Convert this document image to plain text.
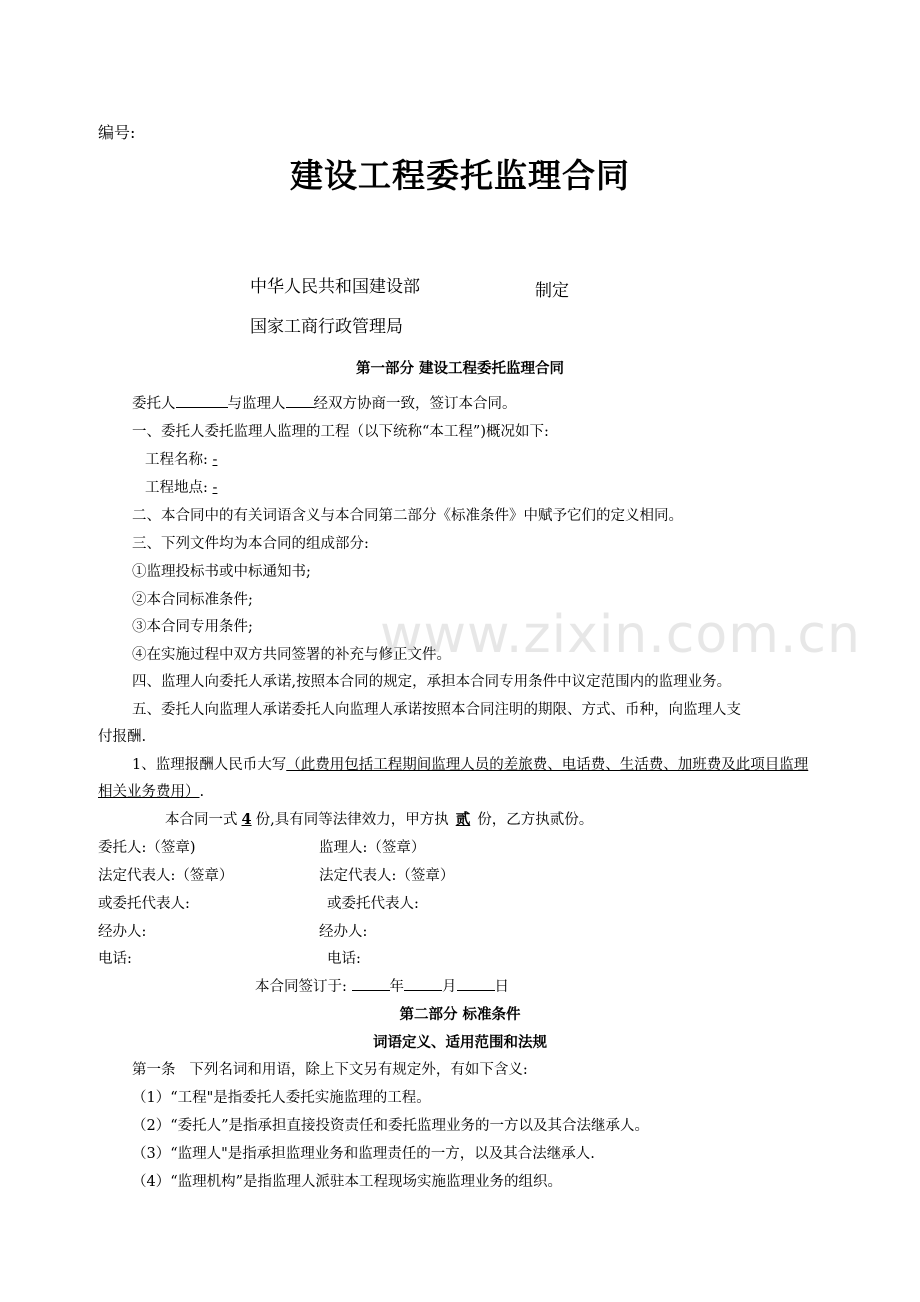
编号:
建设工程委托监理合同
中华人民共和国建设部	制定
国家工商行政管理局
第一部分 建设工程委托监理合同
委托人	与监理人 经双方协商一致，签订本合同。
一、委托人委托监理人监理的工程（以下统称“本工程”)概况如下:
工程名称: -
工程地点: -
二、本合同中的有关词语含义与本合同第二部分《标准条件》中赋予它们的定义相同。
三、下列文件均为本合同的组成部分:
①监理投标书或中标通知书;
②本合同标准条件;
③本合同专用条件;
④在实施过程中双方共同签署的补充与修正文件。
四、监理人向委托人承诺,按照本合同的规定，承担本合同专用条件中议定范围内的监理业务。
五、委托人向监理人承诺委托人向监理人承诺按照本合同注明的期限、方式、币种，向监理人支
付报酬.
1、监理报酬人民币大写（此费用包括工程期间监理人员的差旅费、电话费、生活费、加班费及此项目监理相关业务费用）.
本合同一式 4 份,具有同等法律效力，甲方执 贰 份，乙方执贰份。
委托人:（签章)	监理人:（签章）
法定代表人:（签章）	法定代表人:（签章）
或委托代表人:	或委托代表人:
经办人:	经办人:
电话:	电话:
本合同签订于:	年	月	日
第二部分 标准条件
词语定义、适用范围和法规
第一条   下列名词和用语，除上下文另有规定外，有如下含义:
（1）“工程"是指委托人委托实施监理的工程。
（2）“委托人”是指承担直接投资责任和委托监理业务的一方以及其合法继承人。
（3）“监理人"是指承担监理业务和监理责任的一方，以及其合法继承人.
（4）“监理机构”是指监理人派驻本工程现场实施监理业务的组织。
www.zixin.com.cn
